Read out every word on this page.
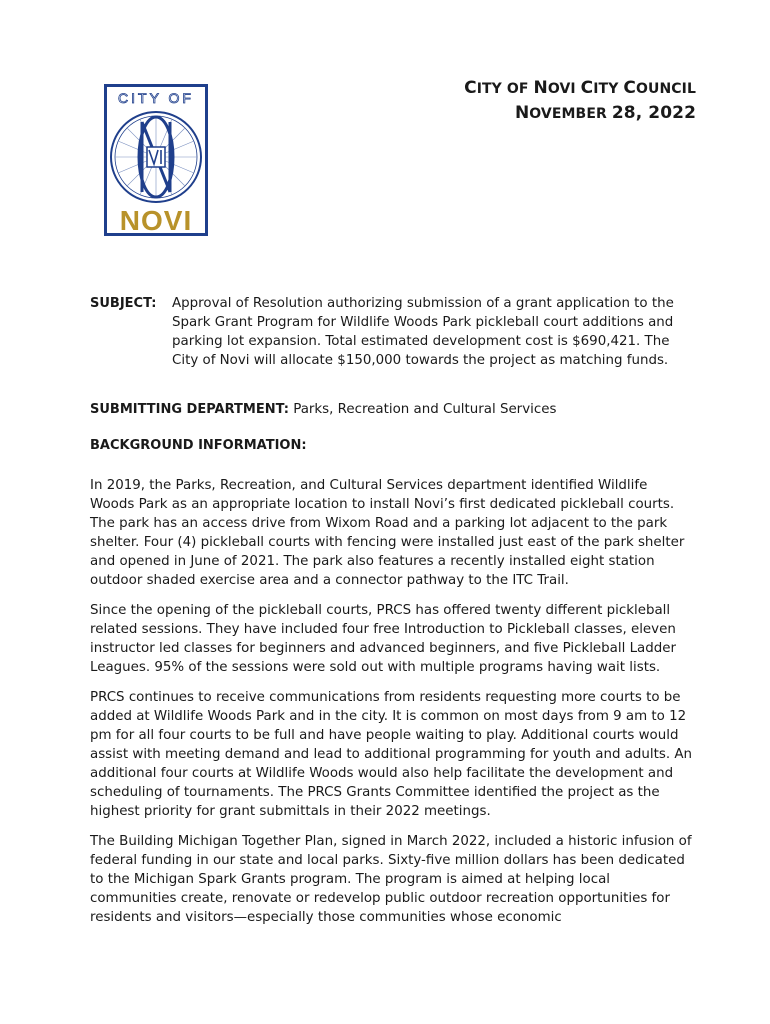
CITY OF
NOVI
CITY OF NOVI CITY COUNCIL
NOVEMBER 28, 2022
SUBJECT: Approval of Resolution authorizing submission of a grant application to the Spark Grant Program for Wildlife Woods Park pickleball court additions and parking lot expansion. Total estimated development cost is $690,421. The City of Novi will allocate $150,000 towards the project as matching funds.
SUBMITTING DEPARTMENT: Parks, Recreation and Cultural Services
BACKGROUND INFORMATION:

In 2019, the Parks, Recreation, and Cultural Services department identified Wildlife Woods Park as an appropriate location to install Novi’s first dedicated pickleball courts. The park has an access drive from Wixom Road and a parking lot adjacent to the park shelter. Four (4) pickleball courts with fencing were installed just east of the park shelter and opened in June of 2021. The park also features a recently installed eight station outdoor shaded exercise area and a connector pathway to the ITC Trail.

Since the opening of the pickleball courts, PRCS has offered twenty different pickleball related sessions. They have included four free Introduction to Pickleball classes, eleven instructor led classes for beginners and advanced beginners, and five Pickleball Ladder Leagues. 95% of the sessions were sold out with multiple programs having wait lists.

PRCS continues to receive communications from residents requesting more courts to be added at Wildlife Woods Park and in the city. It is common on most days from 9 am to 12 pm for all four courts to be full and have people waiting to play. Additional courts would assist with meeting demand and lead to additional programming for youth and adults. An additional four courts at Wildlife Woods would also help facilitate the development and scheduling of tournaments. The PRCS Grants Committee identified the project as the highest priority for grant submittals in their 2022 meetings.

The Building Michigan Together Plan, signed in March 2022, included a historic infusion of federal funding in our state and local parks. Sixty-five million dollars has been dedicated to the Michigan Spark Grants program. The program is aimed at helping local communities create, renovate or redevelop public outdoor recreation opportunities for residents and visitors—especially those communities whose economic
